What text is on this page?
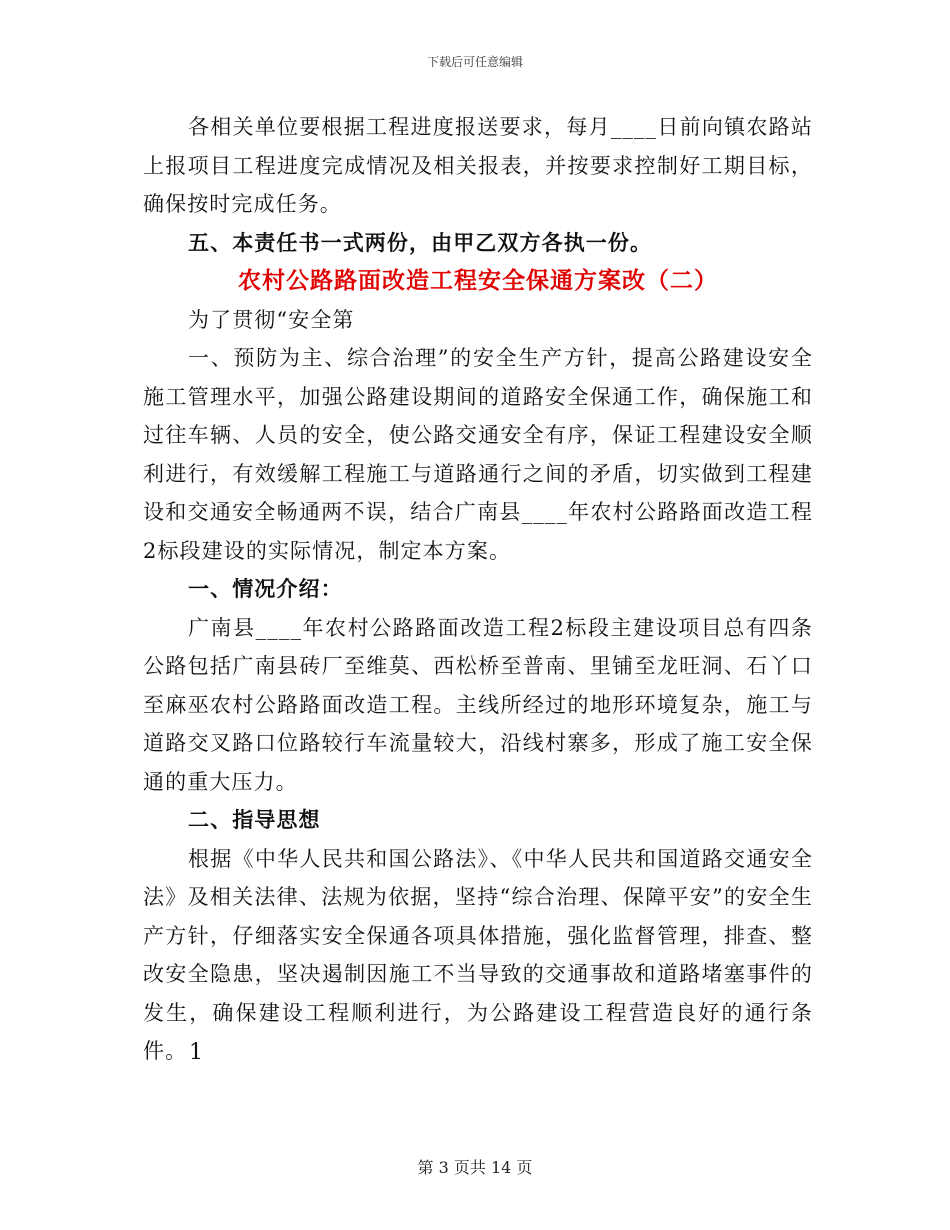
下载后可任意编辑

各相关单位要根据工程进度报送要求，每月____日前向镇农路站上报项目工程进度完成情况及相关报表，并按要求控制好工期目标，确保按时完成任务。

五、本责任书一式两份，由甲乙双方各执一份。

农村公路路面改造工程安全保通方案改（二）

为了贯彻“安全第

一、预防为主、综合治理”的安全生产方针，提高公路建设安全施工管理水平，加强公路建设期间的道路安全保通工作，确保施工和过往车辆、人员的安全，使公路交通安全有序，保证工程建设安全顺利进行，有效缓解工程施工与道路通行之间的矛盾，切实做到工程建设和交通安全畅通两不误，结合广南县____年农村公路路面改造工程2标段建设的实际情况，制定本方案。

一、情况介绍：

广南县____年农村公路路面改造工程2标段主建设项目总有四条公路包括广南县砖厂至维莫、西松桥至普南、里铺至龙旺洞、石丫口至麻巫农村公路路面改造工程。主线所经过的地形环境复杂，施工与道路交叉路口位路较行车流量较大，沿线村寨多，形成了施工安全保通的重大压力。

二、指导思想

根据《中华人民共和国公路法》、《中华人民共和国道路交通安全法》及相关法律、法规为依据，坚持“综合治理、保障平安”的安全生产方针，仔细落实安全保通各项具体措施，强化监督管理，排查、整改安全隐患，坚决遏制因施工不当导致的交通事故和道路堵塞事件的发生，确保建设工程顺利进行，为公路建设工程营造良好的通行条件。 1
第 3 页共 14 页
